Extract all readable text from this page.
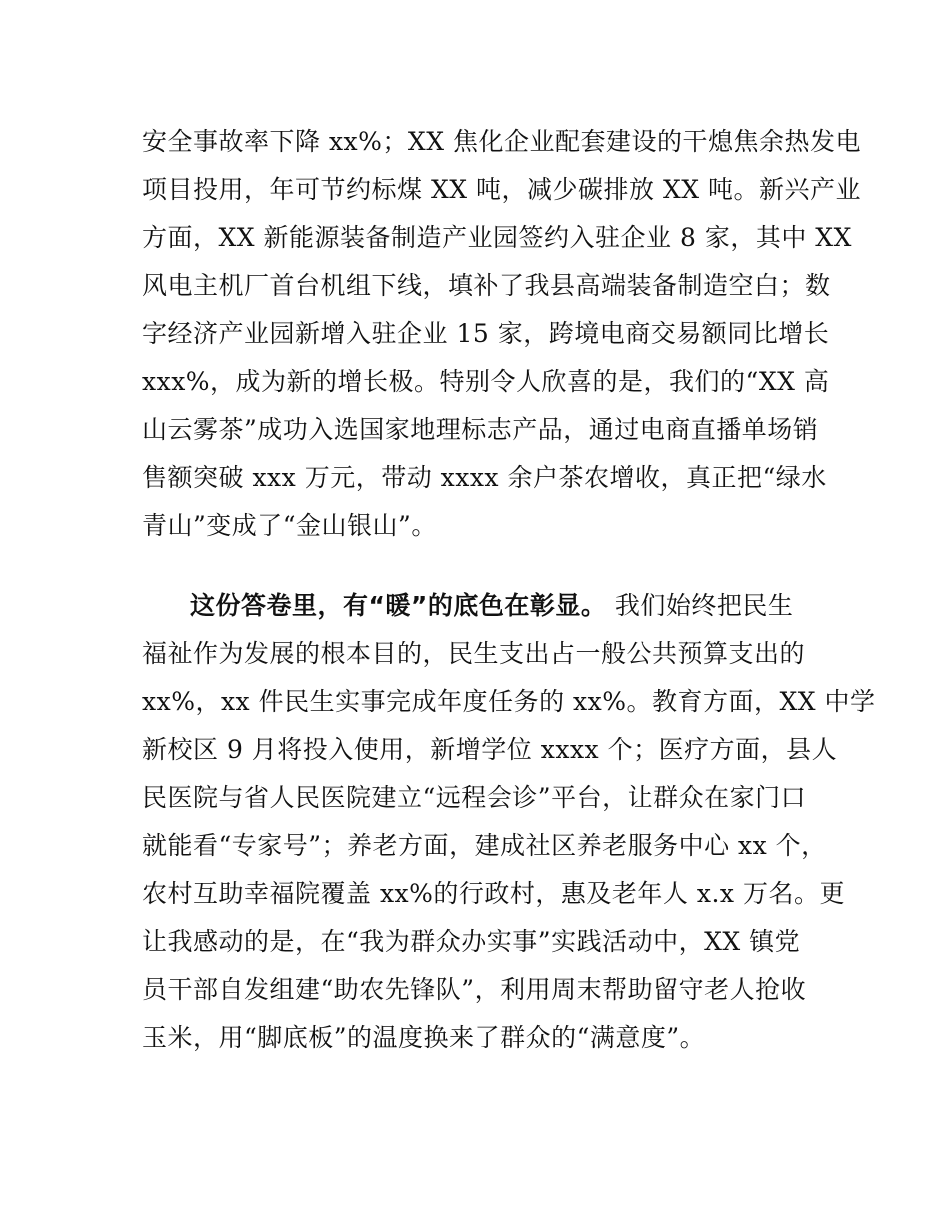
安全事故率下降 xx%；XX 焦化企业配套建设的干熄焦余热发电
项目投用，年可节约标煤 XX 吨，减少碳排放 XX 吨。新兴产业
方面，XX 新能源装备制造产业园签约入驻企业 8 家，其中 XX
风电主机厂首台机组下线，填补了我县高端装备制造空白；数
字经济产业园新增入驻企业 15 家，跨境电商交易额同比增长
xxx%，成为新的增长极。特别令人欣喜的是，我们的“XX 高
山云雾茶”成功入选国家地理标志产品，通过电商直播单场销
售额突破 xxx 万元，带动 xxxx 余户茶农增收，真正把“绿水
青山”变成了“金山银山”。
这份答卷里，有“暖”的底色在彰显。 我们始终把民生
福祉作为发展的根本目的，民生支出占一般公共预算支出的
xx%，xx 件民生实事完成年度任务的 xx%。教育方面，XX 中学
新校区 9 月将投入使用，新增学位 xxxx 个；医疗方面，县人
民医院与省人民医院建立“远程会诊”平台，让群众在家门口
就能看“专家号”；养老方面，建成社区养老服务中心 xx 个，
农村互助幸福院覆盖 xx%的行政村，惠及老年人 x.x 万名。更
让我感动的是，在“我为群众办实事”实践活动中，XX 镇党
员干部自发组建“助农先锋队”，利用周末帮助留守老人抢收
玉米，用“脚底板”的温度换来了群众的“满意度”。
